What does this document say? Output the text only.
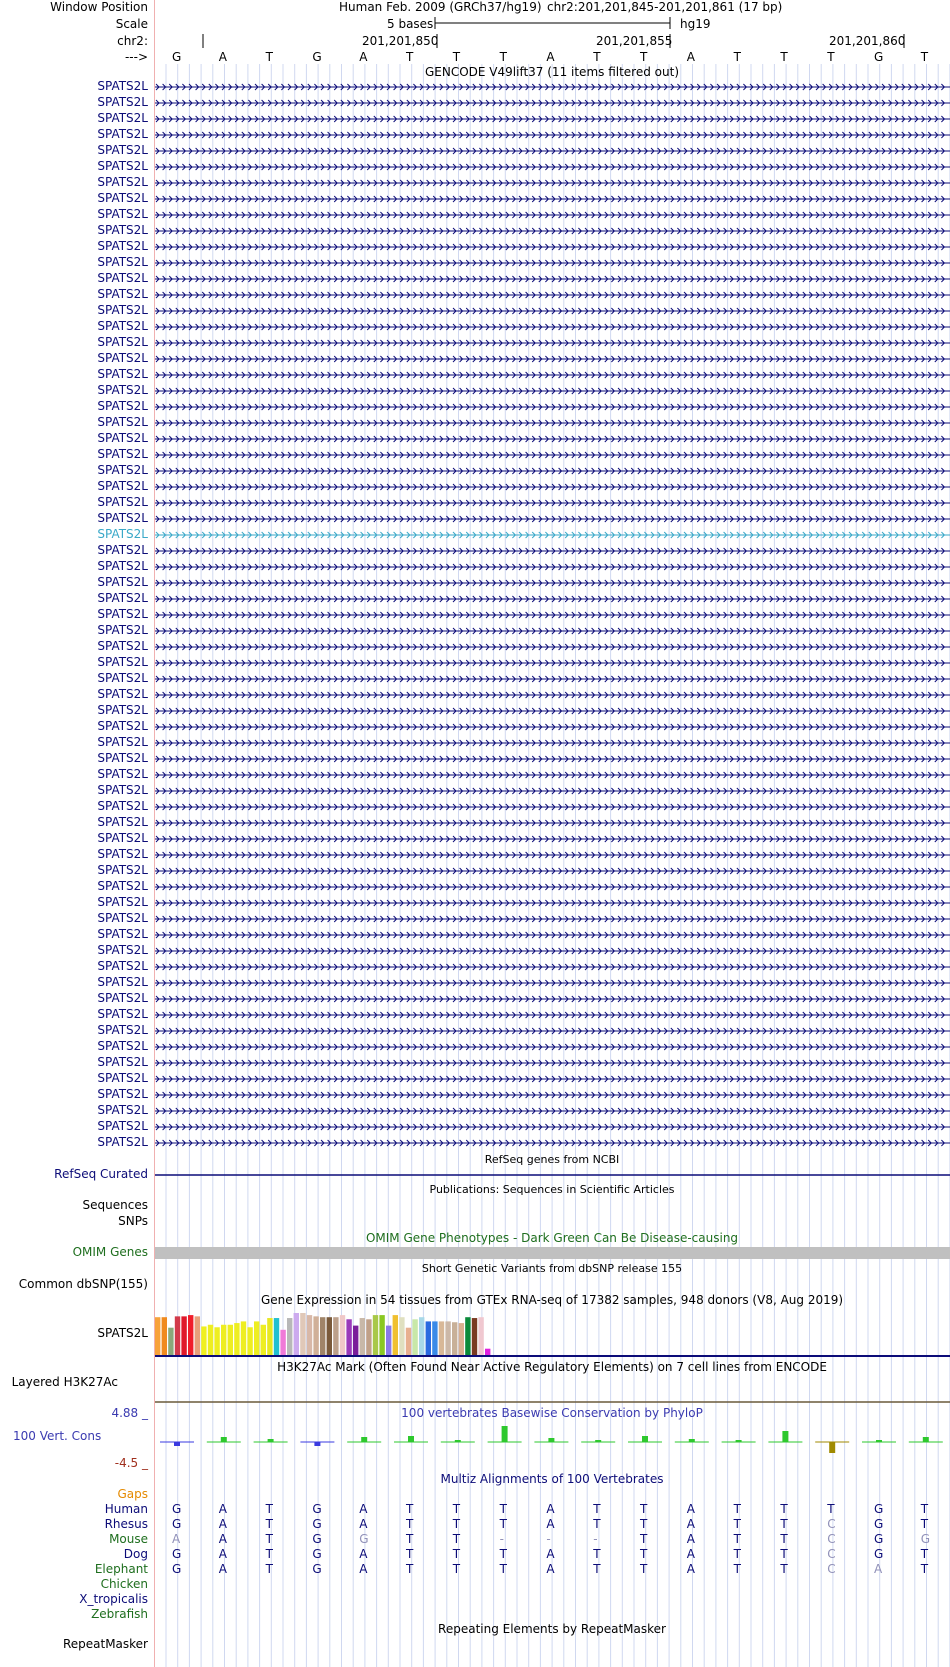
Window Position	Human Feb. 2009 (GRCh37/hg19) chr2:201,201,845-201,201,861 (17 bp)
Scale	5 bases	hg19
chr2:	201,201,850	201,201,855	201,201,860
---> G	A	T	G	A	T	T	T	A	T	T	A	T	T	T	G	T
GENCODE V49lift37 (11 items filtered out)
SPATS2L
SPATS2L
SPATS2L
SPATS2L
SPATS2L
SPATS2L
SPATS2L
SPATS2L
SPATS2L
SPATS2L
SPATS2L
SPATS2L
SPATS2L
SPATS2L
SPATS2L
SPATS2L
SPATS2L
SPATS2L
SPATS2L
SPATS2L
SPATS2L
SPATS2L
SPATS2L
SPATS2L
SPATS2L
SPATS2L
SPATS2L
SPATS2L
SPATS2L
SPATS2L
SPATS2L
SPATS2L
SPATS2L
SPATS2L
SPATS2L
SPATS2L
SPATS2L
SPATS2L
SPATS2L
SPATS2L
SPATS2L
SPATS2L
SPATS2L
SPATS2L
SPATS2L
SPATS2L
SPATS2L
SPATS2L
SPATS2L
SPATS2L
SPATS2L
SPATS2L
SPATS2L
SPATS2L
SPATS2L
SPATS2L
SPATS2L
SPATS2L
SPATS2L
SPATS2L
SPATS2L
SPATS2L
SPATS2L
SPATS2L
SPATS2L
SPATS2L
SPATS2L
RefSeq genes from NCBI
RefSeq Curated
Publications: Sequences in Scientific Articles
Sequences
SNPs
OMIM Gene Phenotypes - Dark Green Can Be Disease-causing
OMIM Genes
Short Genetic Variants from dbSNP release 155
Common dbSNP(155)
Gene Expression in 54 tissues from GTEx RNA-seq of 17382 samples, 948 donors (V8, Aug 2019)
SPATS2L
H3K27Ac Mark (Often Found Near Active Regulatory Elements) on 7 cell lines from ENCODE
Layered H3K27Ac
100 vertebrates Basewise Conservation by PhyloP
4.88 _
100 Vert. Cons
-4.5 _
Multiz Alignments of 100 Vertebrates
Gaps
Human G	A	T	G	A	T	T	T	A	T	T	A	T	T	T	G	T
Rhesus G	A	T	G	A	T	T	T	A	T	T	A	T	T	C	G	T
Mouse A	A	T	G	G	T	T	-	-	-	T	A	T	T	C	G	G
Dog G	A	T	G	A	T	T	T	A	T	T	A	T	T	C	G	T
Elephant G	A	T	G	A	T	T	T	A	T	T	A	T	T	C	A	T
Chicken
X_tropicalis
Zebrafish
Repeating Elements by RepeatMasker
RepeatMasker
